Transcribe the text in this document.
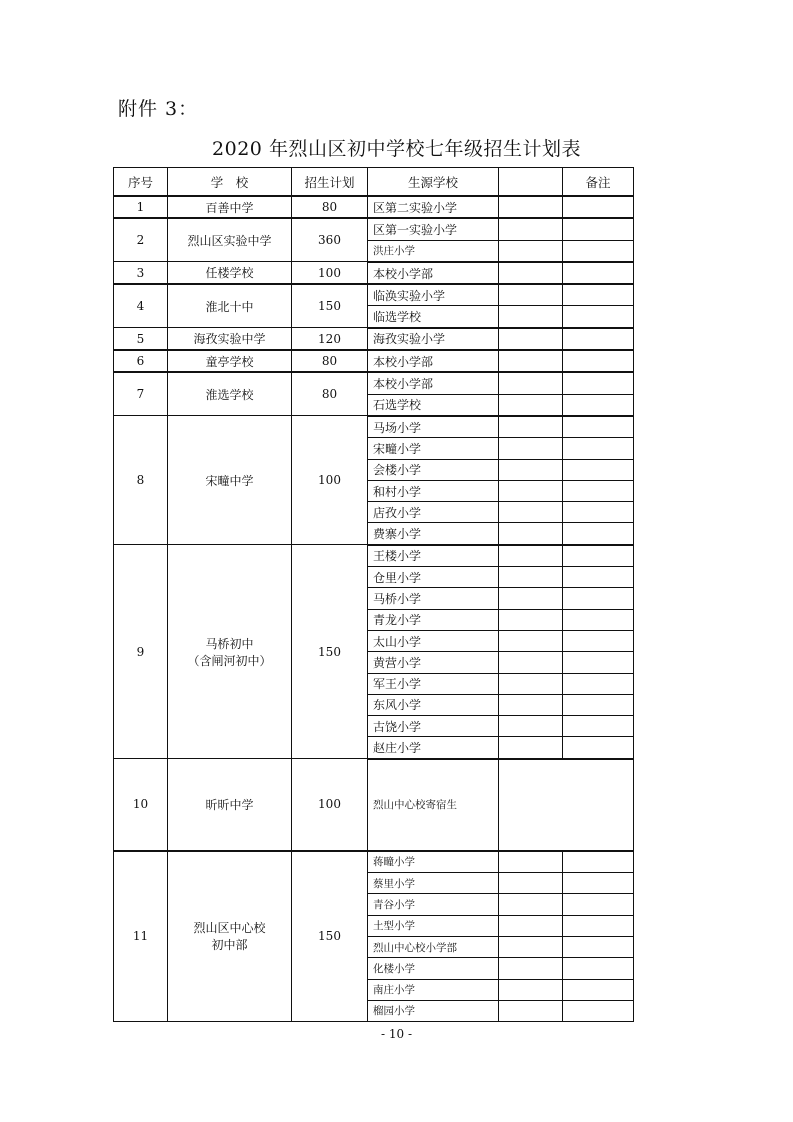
附件 3：
2020 年烈山区初中学校七年级招生计划表
序号	学　校	招生计划	生源学校		备注
1	百善中学	80	区第二实验小学		
2	烈山区实验中学	360	区第一实验小学		
			洪庄小学		
3	任楼学校	100	本校小学部		
4	淮北十中	150	临涣实验小学		
			临选学校		
5	海孜实验中学	120	海孜实验小学		
6	童亭学校	80	本校小学部		
7	淮选学校	80	本校小学部		
			石选学校		
8	宋疃中学	100	马场小学		
			宋疃小学		
			会楼小学		
			和村小学		
			店孜小学		
			费寨小学		
9	马桥初中
（含闸河初中）	150	王楼小学		
			仓里小学		
			马桥小学		
			青龙小学		
			太山小学		
			黄营小学		
			军王小学		
			东风小学		
			古饶小学		
			赵庄小学		
10	昕昕中学	100	烈山中心校寄宿生		
11	烈山区中心校
初中部	150	蒋疃小学		
			蔡里小学		
			青谷小学		
			土型小学		
			烈山中心校小学部		
			化楼小学		
			南庄小学		
			榴园小学		
- 10 -
